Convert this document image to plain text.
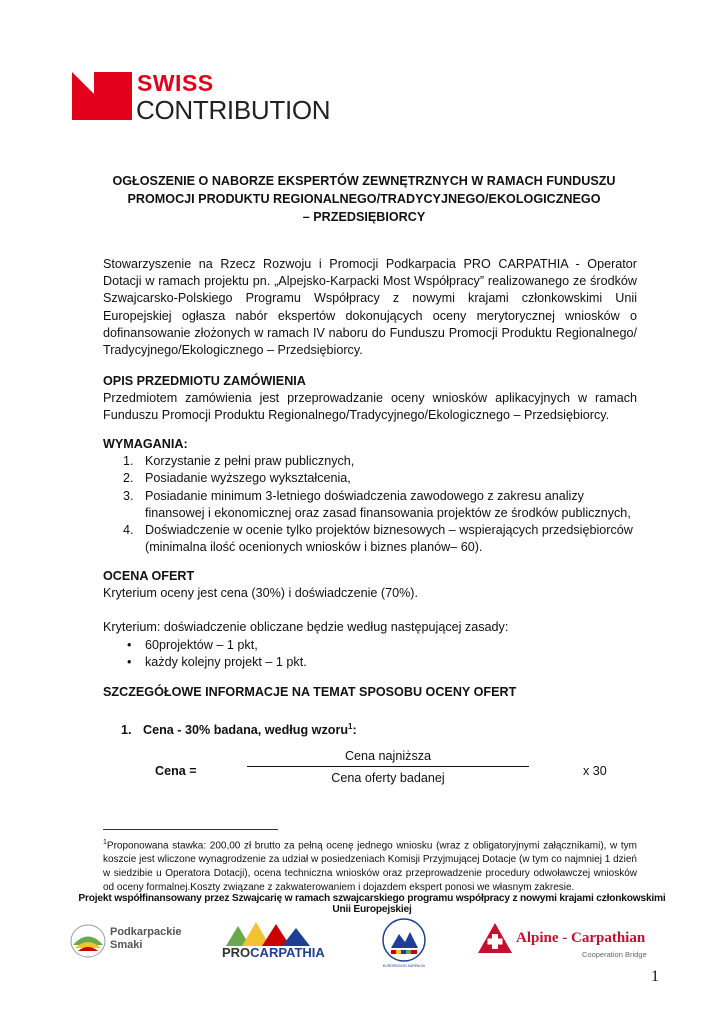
SWISS
CONTRIBUTION
OGŁOSZENIE O NABORZE EKSPERTÓW ZEWNĘTRZNYCH W RAMACH FUNDUSZU
PROMOCJI PRODUKTU REGIONALNEGO/TRADYCYJNEGO/EKOLOGICZNEGO
– PRZEDSIĘBIORCY
Stowarzyszenie na Rzecz Rozwoju i Promocji Podkarpacia PRO CARPATHIA - Operator Dotacji w ramach projektu pn. „Alpejsko-Karpacki Most Współpracy” realizowanego ze środków Szwajcarsko-Polskiego Programu Współpracy z nowymi krajami członkowskimi Unii Europejskiej ogłasza nabór ekspertów dokonujących oceny merytorycznej wniosków o dofinansowanie złożonych w ramach IV naboru do Funduszu Promocji Produktu Regionalnego/ Tradycyjnego/Ekologicznego – Przedsiębiorcy.
OPIS PRZEDMIOTU ZAMÓWIENIA
Przedmiotem zamówienia jest przeprowadzanie oceny wniosków aplikacyjnych w ramach Funduszu Promocji Produktu Regionalnego/Tradycyjnego/Ekologicznego – Przedsiębiorcy.
WYMAGANIA:
1. Korzystanie z pełni praw publicznych,
2. Posiadanie wyższego wykształcenia,
3. Posiadanie minimum 3-letniego doświadczenia zawodowego z zakresu analizy finansowej i ekonomicznej oraz zasad finansowania projektów ze środków publicznych,
4. Doświadczenie w ocenie tylko projektów biznesowych – wspierających przedsiębiorców (minimalna ilość ocenionych wniosków i biznes planów– 60).
OCENA OFERT
Kryterium oceny jest cena (30%) i doświadczenie (70%).
Kryterium: doświadczenie obliczane będzie według następującej zasady:
• 60projektów – 1 pkt,
• każdy kolejny projekt – 1 pkt.
SZCZEGÓŁOWE INFORMACJE NA TEMAT SPOSOBU OCENY OFERT
1. Cena - 30% badana, według wzoru$^1$:
Cena =
Cena najniższa
Cena oferty badanej	x 30
$^1$Proponowana stawka: 200,00 zł brutto za pełną ocenę jednego wniosku (wraz z obligatoryjnymi załącznikami), w tym koszcie jest wliczone wynagrodzenie za udział w posiedzeniach Komisji Przyjmującej Dotacje (w tym co najmniej 1 dzień w siedzibie u Operatora Dotacji), ocena techniczna wniosków oraz przeprowadzenie procedury odwoławczej wniosków od oceny formalnej.Koszty związane z zakwaterowaniem i dojazdem ekspert ponosi we własnym zakresie.
Projekt współfinansowany przez Szwajcarię w ramach szwajcarskiego programu współpracy z nowymi krajami członkowskimi Unii Europejskiej
Podkarpackie
Smaki	PROCARPATHIA
EUROREGION KARPACKI
Alpine - Carpathian
Cooperation Bridge
1
